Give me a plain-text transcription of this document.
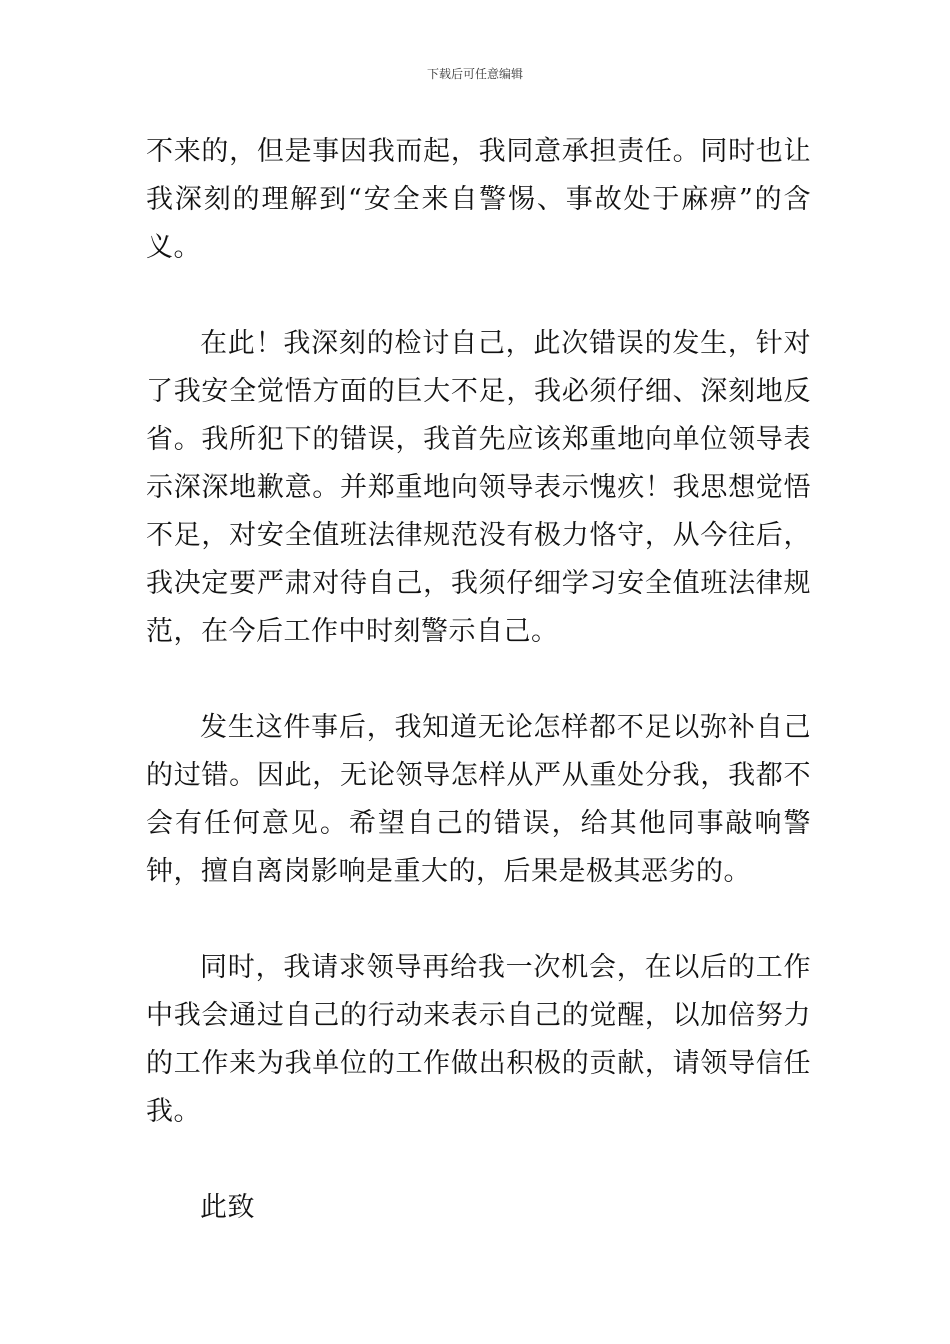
下载后可任意编辑

不来的，但是事因我而起，我同意承担责任。同时也让我深刻的理解到“安全来自警惕、事故处于麻痹”的含义。

在此！我深刻的检讨自己，此次错误的发生，针对了我安全觉悟方面的巨大不足，我必须仔细、深刻地反省。我所犯下的错误，我首先应该郑重地向单位领导表示深深地歉意。并郑重地向领导表示愧疚！我思想觉悟不足，对安全值班法律规范没有极力恪守，从今往后，我决定要严肃对待自己，我须仔细学习安全值班法律规范，在今后工作中时刻警示自己。

发生这件事后，我知道无论怎样都不足以弥补自己的过错。因此，无论领导怎样从严从重处分我，我都不会有任何意见。希望自己的错误，给其他同事敲响警钟，擅自离岗影响是重大的，后果是极其恶劣的。

同时，我请求领导再给我一次机会，在以后的工作中我会通过自己的行动来表示自己的觉醒，以加倍努力的工作来为我单位的工作做出积极的贡献，请领导信任我。

此致
